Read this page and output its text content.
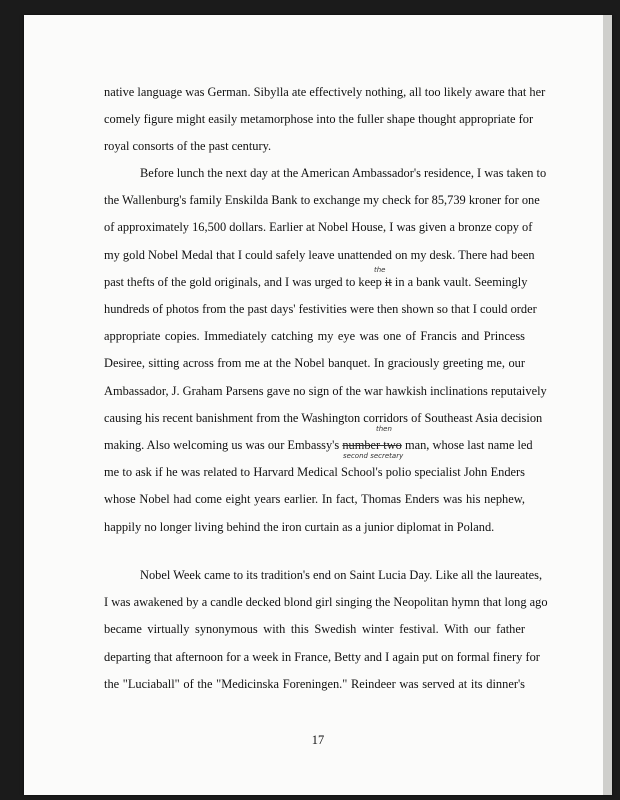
native language was German. Sibylla ate effectively nothing, all too likely aware that her
comely figure might easily metamorphose into the fuller shape thought appropriate for
royal consorts of the past century.

Before lunch the next day at the American Ambassador's residence, I was taken to
the Wallenburg's family Enskilda Bank to exchange my check for 85,739 kroner for one
of approximately 16,500 dollars. Earlier at Nobel House, I was given a bronze copy of
my gold Nobel Medal that I could safely leave unattended on my desk. There had been
past thefts of the gold originals, and I was urged to keep it in a bank vault. Seemingly
hundreds of photos from the past days' festivities were then shown so that I could order
appropriate copies. Immediately catching my eye was one of Francis and Princess
Desiree, sitting across from me at the Nobel banquet. In graciously greeting me, our
Ambassador, J. Graham Parsens gave no sign of the war hawkish inclinations reputaively
causing his recent banishment from the Washington corridors of Southeast Asia decision
making. Also welcoming us was our Embassy's number two man, whose last name led
me to ask if he was related to Harvard Medical School's polio specialist John Enders
whose Nobel had come eight years earlier. In fact, Thomas Enders was his nephew,
happily no longer living behind the iron curtain as a junior diplomat in Poland.

Nobel Week came to its tradition's end on Saint Lucia Day. Like all the laureates,
I was awakened by a candle decked blond girl singing the Neopolitan hymn that long ago
became virtually synonymous with this Swedish winter festival. With our father
departing that afternoon for a week in France, Betty and I again put on formal finery for
the "Luciaball" of the "Medicinska Foreningen." Reindeer was served at its dinner's

the
then
second secretary
17
